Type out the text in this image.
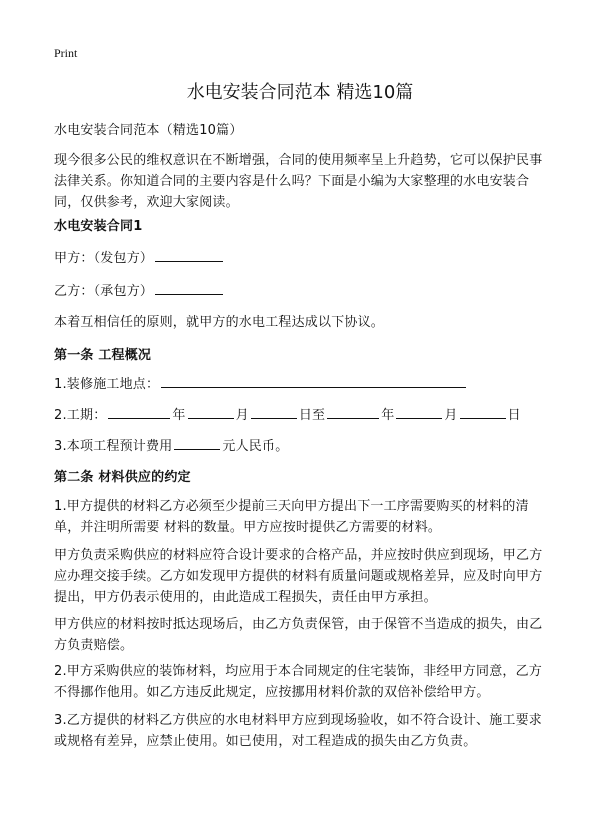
Print
水电安装合同范本 精选10篇

水电安装合同范本（精选10篇）

现今很多公民的维权意识在不断增强，合同的使用频率呈上升趋势，它可以保护民事法律关系。你知道合同的主要内容是什么吗？下面是小编为大家整理的水电安装合同，仅供参考，欢迎大家阅读。

水电安装合同1

甲方：（发包方）

乙方：（承包方）

本着互相信任的原则，就甲方的水电工程达成以下协议。

第一条 工程概况

1.装修施工地点：

2.工期：	年	月	日至	年	月	日

3.本项工程预计费用	元人民币。

第二条 材料供应的约定

1.甲方提供的材料乙方必须至少提前三天向甲方提出下一工序需要购买的材料的清单，并注明所需要 材料的数量。甲方应按时提供乙方需要的材料。

甲方负责采购供应的材料应符合设计要求的合格产品，并应按时供应到现场，甲乙方应办理交接手续。乙方如发现甲方提供的材料有质量问题或规格差异，应及时向甲方提出，甲方仍表示使用的，由此造成工程损失，责任由甲方承担。

甲方供应的材料按时抵达现场后，由乙方负责保管，由于保管不当造成的损失，由乙方负责赔偿。

2.甲方采购供应的装饰材料，均应用于本合同规定的住宅装饰，非经甲方同意，乙方不得挪作他用。如乙方违反此规定，应按挪用材料价款的双倍补偿给甲方。

3.乙方提供的材料乙方供应的水电材料甲方应到现场验收，如不符合设计、施工要求或规格有差异，应禁止使用。如已使用，对工程造成的损失由乙方负责。
